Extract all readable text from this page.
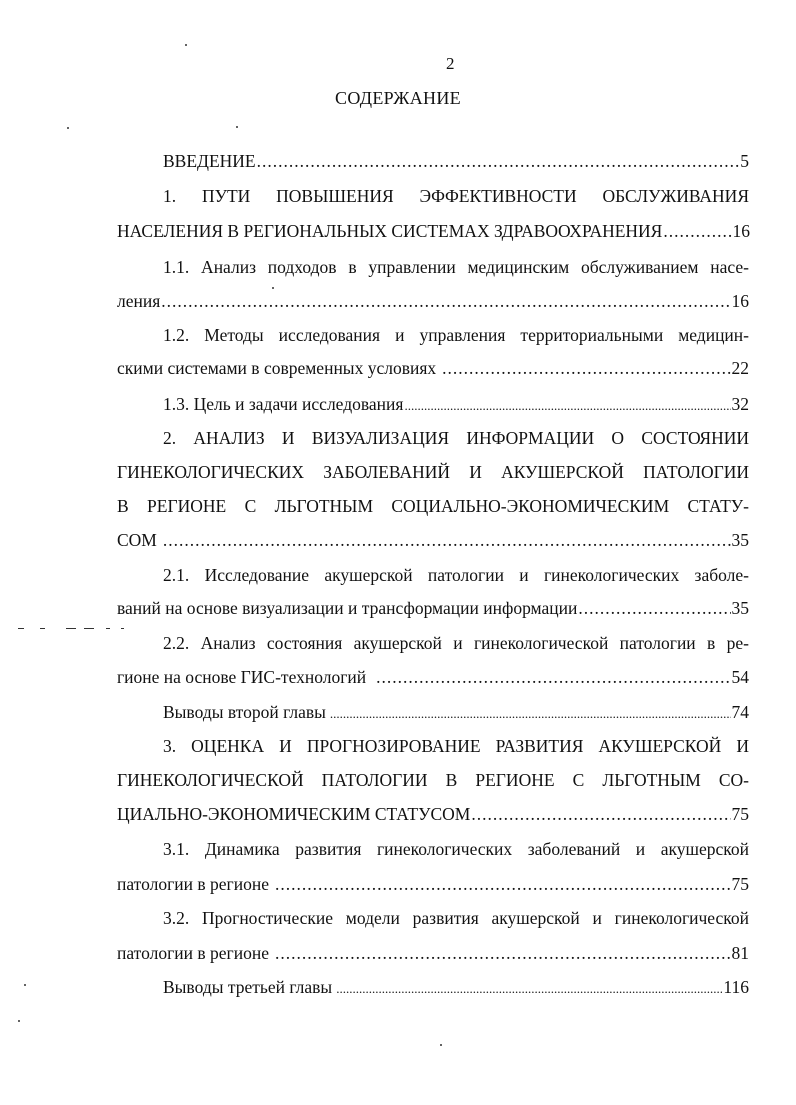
2
СОДЕРЖАНИЕ
ВВЕДЕНИЕ .....	5
1. ПУТИ ПОВЫШЕНИЯ ЭФФЕКТИВНОСТИ ОБСЛУЖИВАНИЯ
НАСЕЛЕНИЯ В РЕГИОНАЛЬНЫХ СИСТЕМАХ ЗДРАВООХРАНЕНИЯ .....	16
1.1. Анализ подходов в управлении медицинским обслуживанием насе-
ления .....	16
1.2. Методы исследования и управления территориальными медицин-
скими системами в современных условиях .....	22
1.3. Цель и задачи исследования .....	32
2. АНАЛИЗ И ВИЗУАЛИЗАЦИЯ ИНФОРМАЦИИ О СОСТОЯНИИ
ГИНЕКОЛОГИЧЕСКИХ ЗАБОЛЕВАНИЙ И АКУШЕРСКОЙ ПАТОЛОГИИ
В РЕГИОНЕ С ЛЬГОТНЫМ СОЦИАЛЬНО-ЭКОНОМИЧЕСКИМ СТАТУ-
СОМ .....	35
2.1. Исследование акушерской патологии и гинекологических заболе-
ваний на основе визуализации и трансформации информации .....	35
2.2. Анализ состояния акушерской и гинекологической патологии в ре-
гионе на основе ГИС-технологий .....	54
Выводы второй главы .....	74
3. ОЦЕНКА И ПРОГНОЗИРОВАНИЕ РАЗВИТИЯ АКУШЕРСКОЙ И
ГИНЕКОЛОГИЧЕСКОЙ ПАТОЛОГИИ В РЕГИОНЕ С ЛЬГОТНЫМ СО-
ЦИАЛЬНО-ЭКОНОМИЧЕСКИМ СТАТУСОМ .....	75
3.1. Динамика развития гинекологических заболеваний и акушерской
патологии в регионе .....	75
3.2. Прогностические модели развития акушерской и гинекологической
патологии в регионе .....	81
Выводы третьей главы .....	116
